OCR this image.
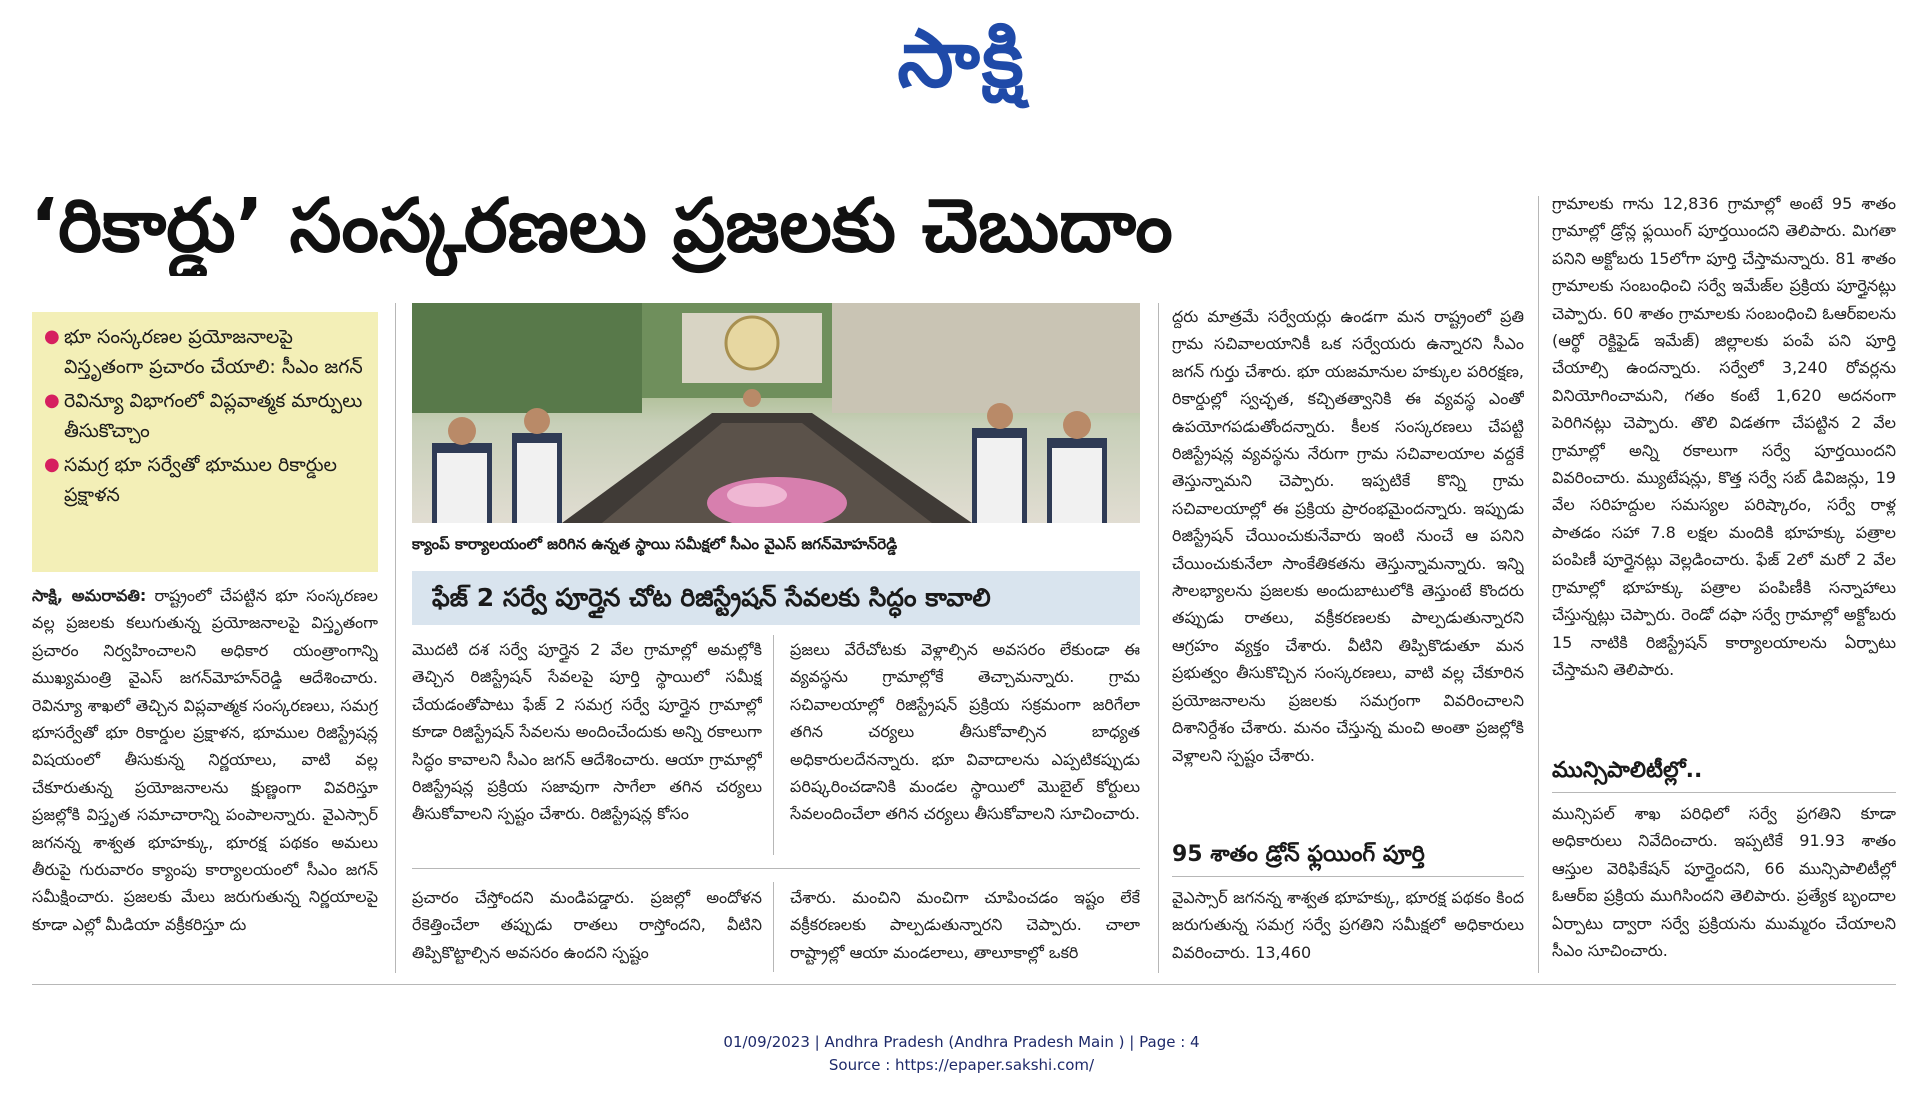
సాక్షి
‘రికార్డు’ సంస్కరణలు ప్రజలకు చెబుదాం
● భూ సంస్కరణల ప్రయోజనాలపై విస్తృతంగా ప్రచారం చేయాలి: సీఎం జగన్
● రెవిన్యూ విభాగంలో విప్లవాత్మక మార్పులు తీసుకొచ్చాం
● సమగ్ర భూ సర్వేతో భూముల రికార్డుల ప్రక్షాళన
క్యాంప్ కార్యాలయంలో జరిగిన ఉన్నత స్థాయి సమీక్షలో సీఎం వైఎస్ జగన్‌మోహన్‌రెడ్డి
ఫేజ్ 2 సర్వే పూర్తైన చోట రిజిస్ట్రేషన్ సేవలకు సిద్ధం కావాలి

సాక్షి, అమరావతి: రాష్ట్రంలో చేపట్టిన భూ సంస్కరణల వల్ల ప్రజలకు కలుగుతున్న ప్రయోజనాలపై విస్తృతంగా ప్రచారం నిర్వహించాలని అధికార యంత్రాంగాన్ని ముఖ్యమంత్రి వైఎస్ జగన్‌మోహన్‌రెడ్డి ఆదేశించారు. రెవిన్యూ శాఖలో తెచ్చిన విప్లవాత్మక సంస్కరణలు, సమగ్ర భూసర్వేతో భూ రికార్డుల ప్రక్షాళన, భూముల రిజిస్ట్రేషన్ల విషయంలో తీసుకున్న నిర్ణయాలు, వాటి వల్ల చేకూరుతున్న ప్రయోజనాలను క్షుణ్ణంగా వివరిస్తూ ప్రజల్లోకి విస్తృత సమాచారాన్ని పంపాలన్నారు. వైఎస్సార్ జగనన్న శాశ్వత భూహక్కు, భూరక్ష పథకం అమలు తీరుపై గురువారం క్యాంపు కార్యాలయంలో సీఎం జగన్ సమీక్షించారు. ప్రజలకు మేలు జరుగుతున్న నిర్ణయాలపై కూడా ఎల్లో మీడియా వక్రీకరిస్తూ దు

మొదటి దశ సర్వే పూర్తైన 2 వేల గ్రామాల్లో అమల్లోకి తెచ్చిన రిజిస్ట్రేషన్ సేవలపై పూర్తి స్థాయిలో సమీక్ష చేయడంతోపాటు ఫేజ్ 2 సమగ్ర సర్వే పూర్తైన గ్రామాల్లో కూడా రిజిస్ట్రేషన్ సేవలను అందించేందుకు అన్ని రకాలుగా సిద్ధం కావాలని సీఎం జగన్ ఆదేశించారు. ఆయా గ్రామాల్లో రిజిస్ట్రేషన్ల ప్రక్రియ సజావుగా సాగేలా తగిన చర్యలు తీసుకోవాలని స్పష్టం చేశారు. రిజిస్ట్రేషన్ల కోసం

ప్రజలు వేరేచోటకు వెళ్లాల్సిన అవసరం లేకుండా ఈ వ్యవస్థను గ్రామాల్లోకే తెచ్చామన్నారు. గ్రామ సచివాలయాల్లో రిజిస్ట్రేషన్ ప్రక్రియ సక్రమంగా జరిగేలా తగిన చర్యలు తీసుకోవాల్సిన బాధ్యత అధికారులదేనన్నారు. భూ వివాదాలను ఎప్పటికప్పుడు పరిష్కరించడానికి మండల స్థాయిలో మొబైల్ కోర్టులు సేవలందించేలా తగిన చర్యలు తీసుకోవాలని సూచించారు.

ప్రచారం చేస్తోందని మండిపడ్డారు. ప్రజల్లో అందోళన రేకెత్తించేలా తప్పుడు రాతలు రాస్తోందని, వీటిని తిప్పికొట్టాల్సిన అవసరం ఉందని స్పష్టం

చేశారు. మంచిని మంచిగా చూపించడం ఇష్టం లేకే వక్రీకరణలకు పాల్పడుతున్నారని చెప్పారు. చాలా రాష్ట్రాల్లో ఆయా మండలాలు, తాలూకాల్లో ఒకరి

ద్దరు మాత్రమే సర్వేయర్లు ఉండగా మన రాష్ట్రంలో ప్రతి గ్రామ సచివాలయానికీ ఒక సర్వేయరు ఉన్నారని సీఎం జగన్ గుర్తు చేశారు. భూ యజమానుల హక్కుల పరిరక్షణ, రికార్డుల్లో స్వచ్ఛత, కచ్చితత్వానికి ఈ వ్యవస్థ ఎంతో ఉపయోగపడుతోందన్నారు. కీలక సంస్కరణలు చేపట్టి రిజిస్ట్రేషన్ల వ్యవస్థను నేరుగా గ్రామ సచివాలయాల వద్దకే తెస్తున్నామని చెప్పారు. ఇప్పటికే కొన్ని గ్రామ సచివాలయాల్లో ఈ ప్రక్రియ ప్రారంభమైందన్నారు. ఇప్పుడు రిజిస్ట్రేషన్ చేయించుకునేవారు ఇంటి నుంచే ఆ పనిని చేయించుకునేలా సాంకేతికతను తెస్తున్నామన్నారు. ఇన్ని సౌలభ్యాలను ప్రజలకు అందుబాటులోకి తెస్తుంటే కొందరు తప్పుడు రాతలు, వక్రీకరణలకు పాల్పడుతున్నారని ఆగ్రహం వ్యక్తం చేశారు. వీటిని తిప్పికొడుతూ మన ప్రభుత్వం తీసుకొచ్చిన సంస్కరణలు, వాటి వల్ల చేకూరిన ప్రయోజనాలను ప్రజలకు సమగ్రంగా వివరించాలని దిశానిర్దేశం చేశారు. మనం చేస్తున్న మంచి అంతా ప్రజల్లోకి వెళ్లాలని స్పష్టం చేశారు.

95 శాతం డ్రోన్ ఫ్లయింగ్ పూర్తి

వైఎస్సార్ జగనన్న శాశ్వత భూహక్కు, భూరక్ష పథకం కింద జరుగుతున్న సమగ్ర సర్వే ప్రగతిని సమీక్షలో అధికారులు వివరించారు. 13,460

గ్రామాలకు గాను 12,836 గ్రామాల్లో అంటే 95 శాతం గ్రామాల్లో డ్రోన్ల ఫ్లయింగ్ పూర్తయిందని తెలిపారు. మిగతా పనిని అక్టోబరు 15లోగా పూర్తి చేస్తామన్నారు. 81 శాతం గ్రామాలకు సంబంధించి సర్వే ఇమేజ్‌ల ప్రక్రియ పూర్తైనట్లు చెప్పారు. 60 శాతం గ్రామాలకు సంబంధించి ఓఆర్ఐలను (ఆర్థో రెక్టిఫైడ్ ఇమేజ్) జిల్లాలకు పంపే పని పూర్తి చేయాల్సి ఉందన్నారు. సర్వేలో 3,240 రోవర్లను వినియోగించామని, గతం కంటే 1,620 అదనంగా పెరిగినట్లు చెప్పారు. తొలి విడతగా చేపట్టిన 2 వేల గ్రామాల్లో అన్ని రకాలుగా సర్వే పూర్తయిందని వివరించారు. మ్యుటేషన్లు, కొత్త సర్వే సబ్ డివిజన్లు, 19 వేల సరిహద్దుల సమస్యల పరిష్కారం, సర్వే రాళ్ల పాతడం సహా 7.8 లక్షల మందికి భూహక్కు పత్రాల పంపిణీ పూర్తైనట్లు వెల్లడించారు. ఫేజ్ 2లో మరో 2 వేల గ్రామాల్లో భూహక్కు పత్రాల పంపిణీకి సన్నాహాలు చేస్తున్నట్లు చెప్పారు. రెండో దఫా సర్వే గ్రామాల్లో అక్టోబరు 15 నాటికి రిజిస్ట్రేషన్ కార్యాలయాలను ఏర్పాటు చేస్తామని తెలిపారు.

మున్సిపాలిటీల్లో..

మున్సిపల్ శాఖ పరిధిలో సర్వే ప్రగతిని కూడా అధికారులు నివేదించారు. ఇప్పటికే 91.93 శాతం ఆస్తుల వెరిఫికేషన్ పూర్తైందని, 66 మున్సిపాలిటీల్లో ఓఆర్ఐ ప్రక్రియ ముగిసిందని తెలిపారు. ప్రత్యేక బృందాల ఏర్పాటు ద్వారా సర్వే ప్రక్రియను ముమ్మరం చేయాలని సీఎం సూచించారు.

01/09/2023 | Andhra Pradesh (Andhra Pradesh Main ) | Page : 4
Source : https://epaper.sakshi.com/
